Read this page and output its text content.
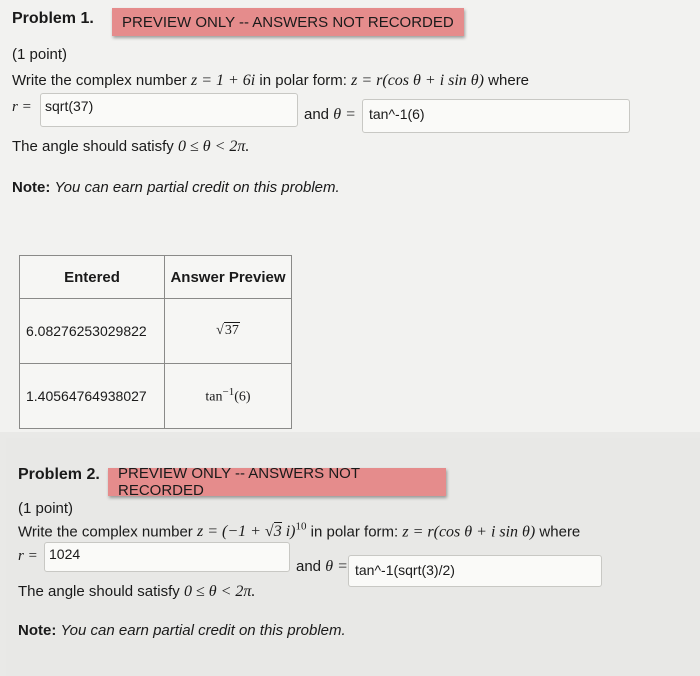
Problem 1. PREVIEW ONLY -- ANSWERS NOT RECORDED
(1 point)
Write the complex number z = 1 + 6i in polar form: z = r(cos θ + i sin θ) where
r = sqrt(37)	and θ = tan^-1(6)
The angle should satisfy 0 ≤ θ < 2π.
Note: You can earn partial credit on this problem.
Entered	Answer Preview
6.08276253029822	√37
1.40564764938027	$\tan^{-1}(6)$
Problem 2. PREVIEW ONLY -- ANSWERS NOT RECORDED
(1 point)
Write the complex number z = (−1 + √3 i)$^{10}$ in polar form: z = r(cos θ + i sin θ) where
r = 1024
and θ = tan^-1(sqrt(3)/2)
The angle should satisfy 0 ≤ θ < 2π.
Note: You can earn partial credit on this problem.
